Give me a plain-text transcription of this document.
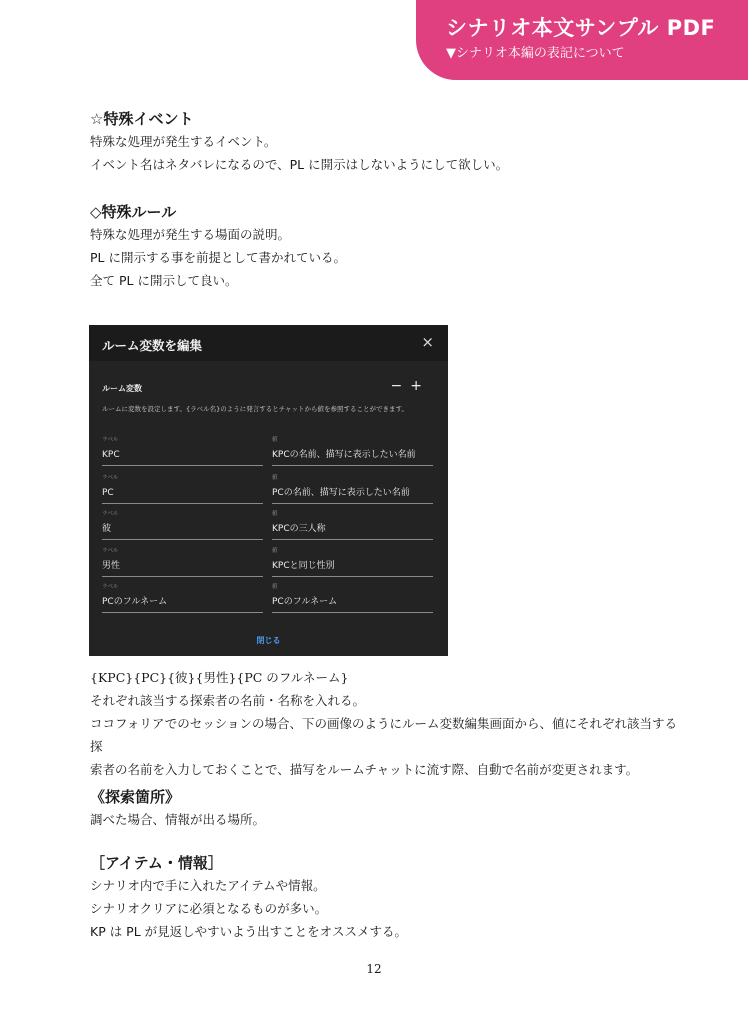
シナリオ本文サンプル PDF
▼シナリオ本編の表記について
☆特殊イベント
特殊な処理が発生するイベント。
イベント名はネタバレになるので、PL に開示はしないようにして欲しい。
◇特殊ルール
特殊な処理が発生する場面の説明。
PL に開示する事を前提として書かれている。
全て PL に開示して良い。
ルーム変数を編集	×
ルーム変数	−+
ルームに変数を設定します。{ラベル名}のように発言するとチャットから値を参照することができます。
ラベル
KPC
値
KPCの名前、描写に表示したい名前
ラベル
PC
値
PCの名前、描写に表示したい名前
ラベル
彼
値
KPCの三人称
ラベル
男性
値
KPCと同じ性別
ラベル
PCのフルネーム
値
PCのフルネーム
閉じる
{KPC}{PC}{彼}{男性}{PC のフルネーム}
それぞれ該当する探索者の名前・名称を入れる。
ココフォリアでのセッションの場合、下の画像のようにルーム変数編集画面から、値にそれぞれ該当する探
索者の名前を入力しておくことで、描写をルームチャットに流す際、自動で名前が変更されます。
《探索箇所》
調べた場合、情報が出る場所。
［アイテム・情報］
シナリオ内で手に入れたアイテムや情報。
シナリオクリアに必須となるものが多い。
KP は PL が見返しやすいよう出すことをオススメする。
12
